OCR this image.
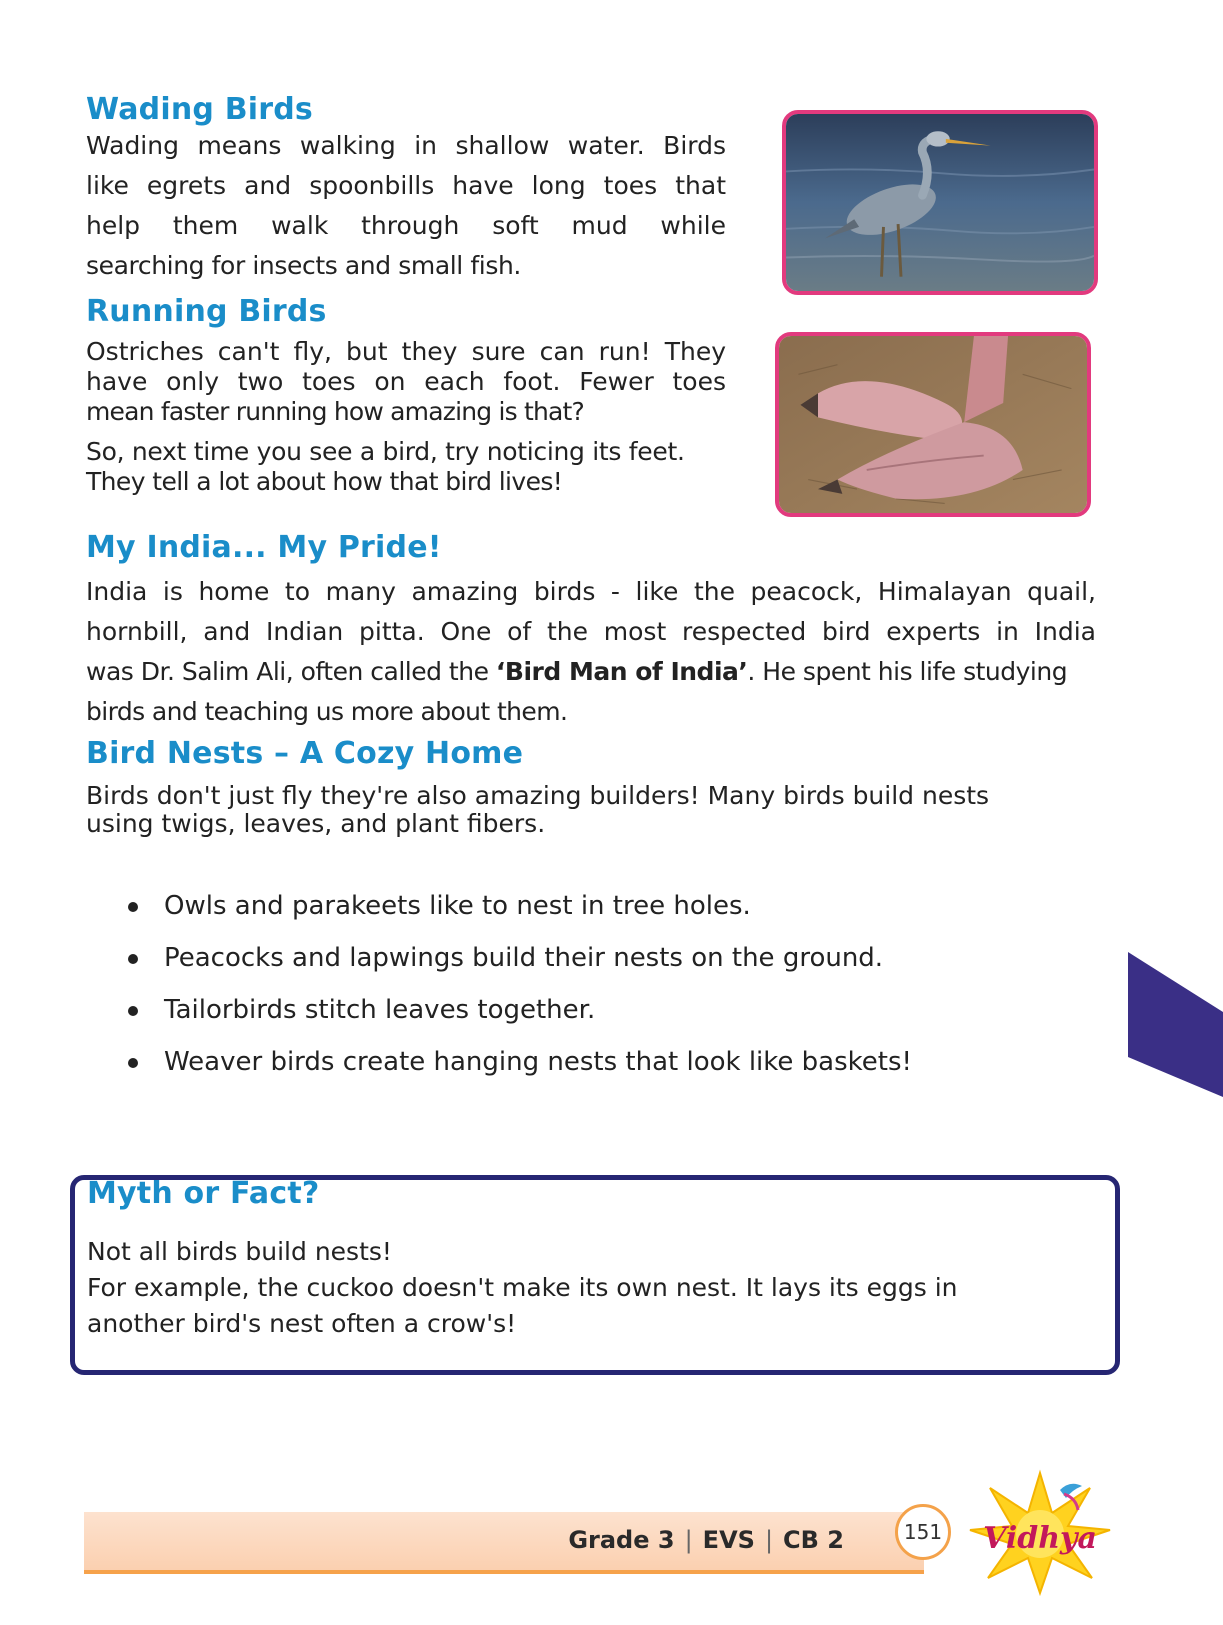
Wading Birds

Wading means walking in shallow water. Birds

like egrets and spoonbills have long toes that

help them walk through soft mud while

searching for insects and small fish.

Running Birds

Ostriches can't fly, but they sure can run! They

have only two toes on each foot. Fewer toes

mean faster running how amazing is that?

So, next time you see a bird, try noticing its feet.

They tell a lot about how that bird lives!

My India... My Pride!

India is home to many amazing birds - like the peacock, Himalayan quail,

hornbill, and Indian pitta. One of the most respected bird experts in India

was Dr. Salim Ali, often called the ‘Bird Man of India’. He spent his life studying

birds and teaching us more about them.

Bird Nests – A Cozy Home

Birds don't just fly they're also amazing builders! Many birds build nests

using twigs, leaves, and plant fibers.

Owls and parakeets like to nest in tree holes.
Peacocks and lapwings build their nests on the ground.
Tailorbirds stitch leaves together.
Weaver birds create hanging nests that look like baskets!
Myth or Fact?

Not all birds build nests!

For example, the cuckoo doesn't make its own nest. It lays its eggs in

another bird's nest often a crow's!

Grade 3 | EVS | CB 2	151 Vidhya
